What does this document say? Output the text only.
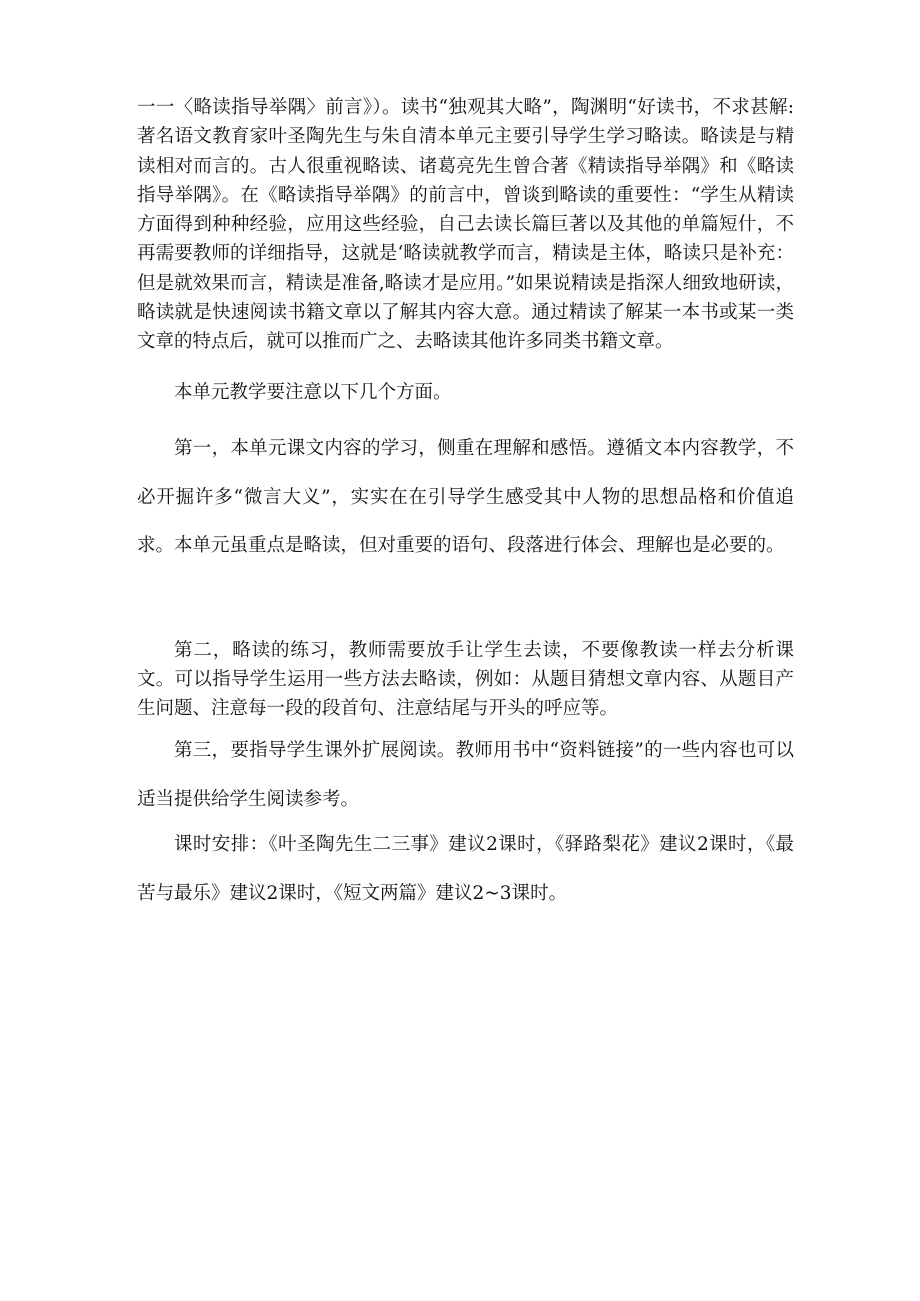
一一〈略读指导举隅〉前言》）。读书“独观其大略”，陶渊明“好读书，不求甚解:著名语文教育家叶圣陶先生与朱自清本单元主要引导学生学习略读。略读是与精读相对而言的。古人很重视略读、诸葛亮先生曾合著《精读指导举隅》和《略读指导举隅》。在《略读指导举隅》的前言中，曾谈到略读的重要性：“学生从精读方面得到种种经验，应用这些经验，自己去读长篇巨著以及其他的单篇短什，不再需要教师的详细指导，这就是‘略读就教学而言，精读是主体，略读只是补充：但是就效果而言，精读是准备,略读才是应用。”如果说精读是指深人细致地研读，略读就是快速阅读书籍文章以了解其内容大意。通过精读了解某一本书或某一类文章的特点后，就可以推而广之、去略读其他许多同类书籍文章。

本单元教学要注意以下几个方面。

第一，本单元课文内容的学习，侧重在理解和感悟。遵循文本内容教学，不必开掘许多“微言大义”，实实在在引导学生感受其中人物的思想品格和价值追求。本单元虽重点是略读，但对重要的语句、段落进行体会、理解也是必要的。

第二，略读的练习，教师需要放手让学生去读，不要像教读一样去分析课文。可以指导学生运用一些方法去略读，例如：从题目猜想文章内容、从题目产生问题、注意每一段的段首句、注意结尾与开头的呼应等。

第三，要指导学生课外扩展阅读。教师用书中“资料链接”的一些内容也可以适当提供给学生阅读参考。

课时安排：《叶圣陶先生二三事》建议2课时，《驿路梨花》建议2课时，《最苦与最乐》建议2课时，《短文两篇》建议2~3课时。
